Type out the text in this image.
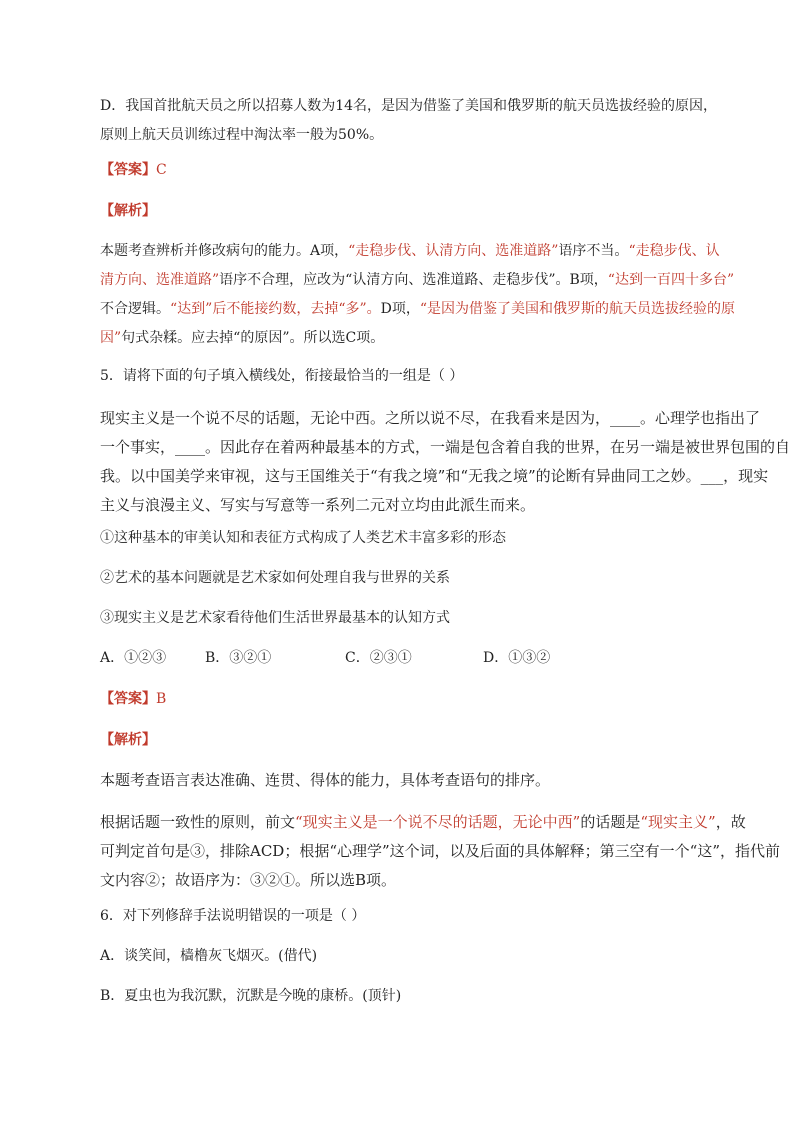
D．我国首批航天员之所以招募人数为14名，是因为借鉴了美国和俄罗斯的航天员选拔经验的原因，
原则上航天员训练过程中淘汰率一般为50%。
【答案】C
【解析】
本题考查辨析并修改病句的能力。A项，“走稳步伐、认清方向、选准道路”语序不当。“走稳步伐、认
清方向、选准道路”语序不合理，应改为“认清方向、选准道路、走稳步伐”。B项，“达到一百四十多台”
不合逻辑。“达到”后不能接约数，去掉“多”。D项，“是因为借鉴了美国和俄罗斯的航天员选拔经验的原
因”句式杂糅。应去掉“的原因”。所以选C项。
5．请将下面的句子填入横线处，衔接最恰当的一组是（ ）
现实主义是一个说不尽的话题，无论中西。之所以说不尽，在我看来是因为，____。心理学也指出了
一个事实，____。因此存在着两种最基本的方式，一端是包含着自我的世界，在另一端是被世界包围的自
我。以中国美学来审视，这与王国维关于“有我之境”和“无我之境”的论断有异曲同工之妙。___，现实
主义与浪漫主义、写实与写意等一系列二元对立均由此派生而来。
①这种基本的审美认知和表征方式构成了人类艺术丰富多彩的形态
②艺术的基本问题就是艺术家如何处理自我与世界的关系
③现实主义是艺术家看待他们生活世界最基本的认知方式
A．①②③	B．③②①	C．②③①	D．①③②
【答案】B
【解析】
本题考查语言表达准确、连贯、得体的能力，具体考查语句的排序。
根据话题一致性的原则，前文“现实主义是一个说不尽的话题，无论中西”的话题是“现实主义”，故
可判定首句是③，排除ACD；根据“心理学”这个词，以及后面的具体解释；第三空有一个“这”，指代前
文内容②；故语序为：③②①。所以选B项。
6．对下列修辞手法说明错误的一项是（ ）
A．谈笑间，樯橹灰飞烟灭。(借代)
B．夏虫也为我沉默，沉默是今晚的康桥。(顶针)
